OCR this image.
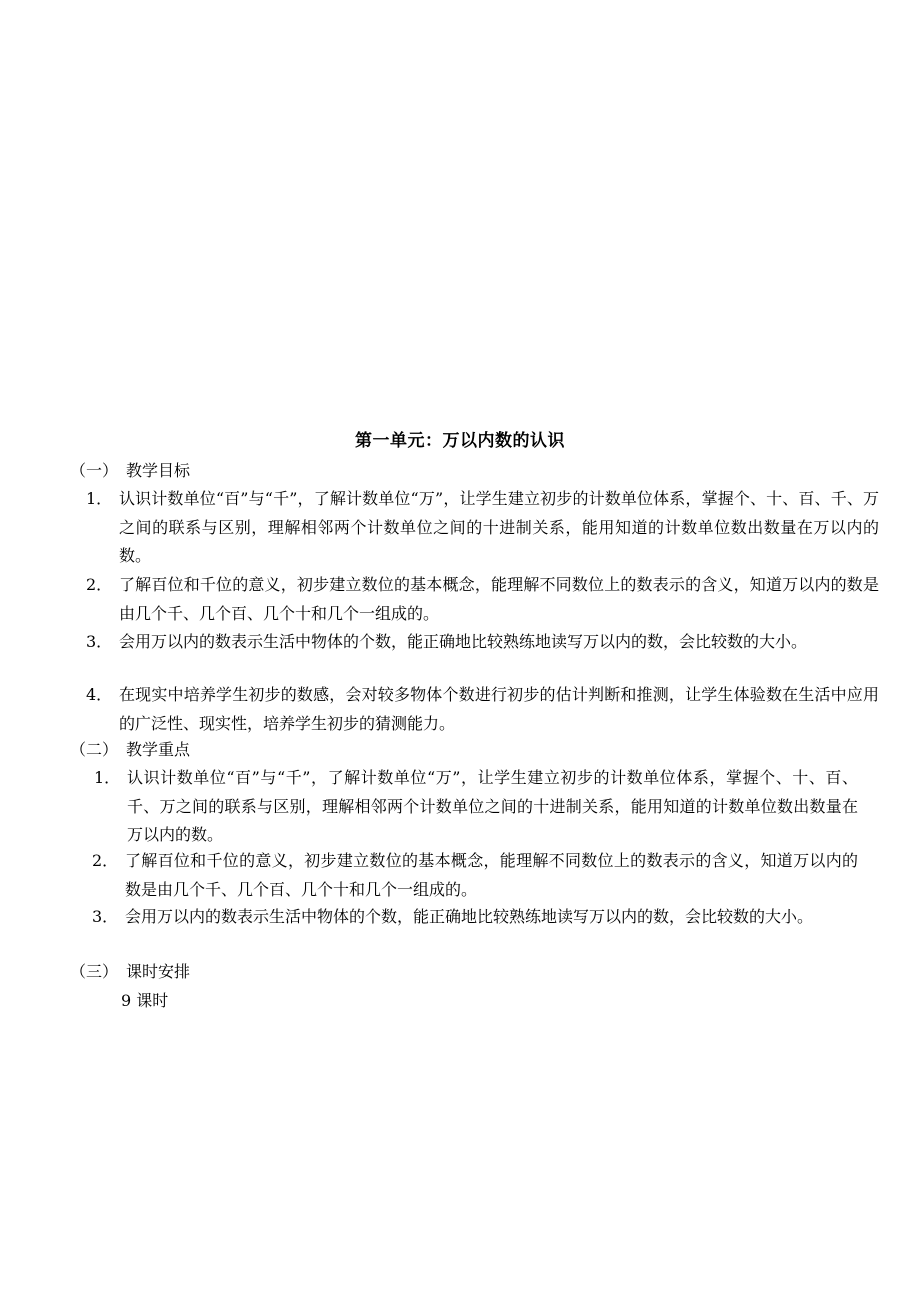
第一单元：万以内数的认识
（一） 教学目标
1． 认识计数单位“百”与“千”，了解计数单位“万”，让学生建立初步的计数单位体系，掌握个、十、百、千、万之间的联系与区别，理解相邻两个计数单位之间的十进制关系，能用知道的计数单位数出数量在万以内的数。
2． 了解百位和千位的意义，初步建立数位的基本概念，能理解不同数位上的数表示的含义，知道万以内的数是由几个千、几个百、几个十和几个一组成的。
3． 会用万以内的数表示生活中物体的个数，能正确地比较熟练地读写万以内的数，会比较数的大小。
4． 在现实中培养学生初步的数感，会对较多物体个数进行初步的估计判断和推测，让学生体验数在生活中应用的广泛性、现实性，培养学生初步的猜测能力。
（二） 教学重点
1． 认识计数单位“百”与“千”，了解计数单位“万”，让学生建立初步的计数单位体系，掌握个、十、百、千、万之间的联系与区别，理解相邻两个计数单位之间的十进制关系，能用知道的计数单位数出数量在万以内的数。
2． 了解百位和千位的意义，初步建立数位的基本概念，能理解不同数位上的数表示的含义，知道万以内的数是由几个千、几个百、几个十和几个一组成的。
3． 会用万以内的数表示生活中物体的个数，能正确地比较熟练地读写万以内的数，会比较数的大小。
（三） 课时安排
9 课时
